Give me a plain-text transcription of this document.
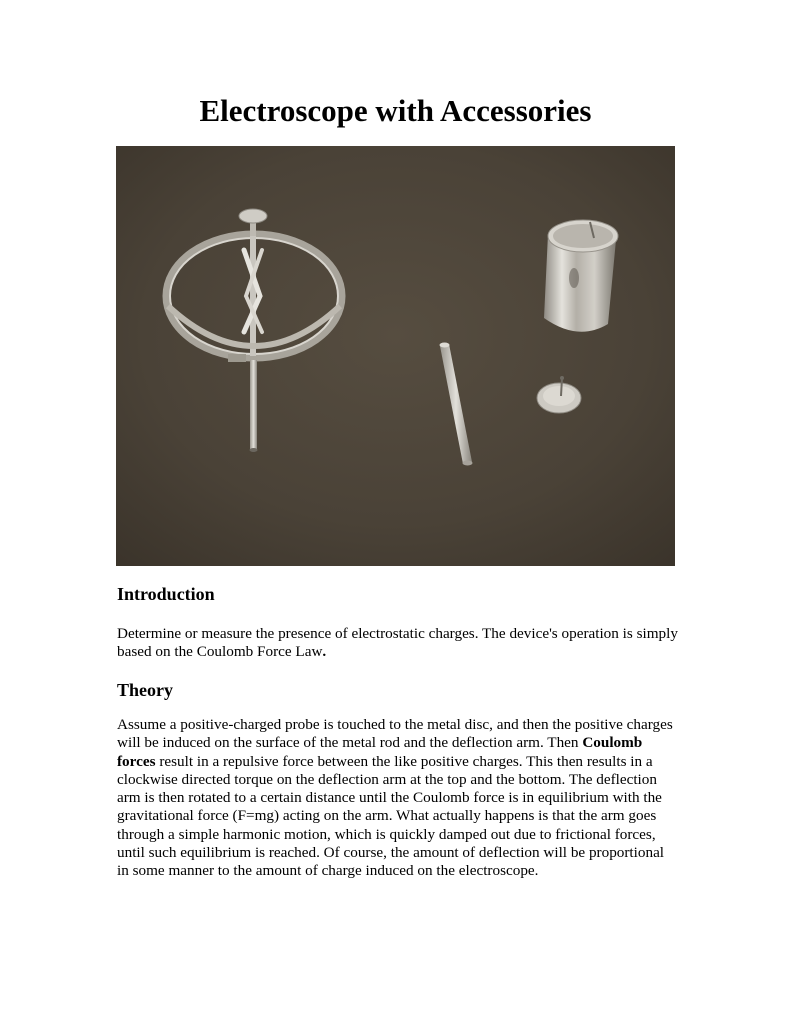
Electroscope with Accessories
Introduction

Determine or measure the presence of electrostatic charges. The device's operation is simply based on the Coulomb Force Law.

Theory

Assume a positive-charged probe is touched to the metal disc, and then the positive charges will be induced on the surface of the metal rod and the deflection arm. Then Coulomb forces result in a repulsive force between the like positive charges. This then results in a clockwise directed torque on the deflection arm at the top and the bottom. The deflection arm is then rotated to a certain distance until the Coulomb force is in equilibrium with the gravitational force (F=mg) acting on the arm. What actually happens is that the arm goes through a simple harmonic motion, which is quickly damped out due to frictional forces, until such equilibrium is reached. Of course, the amount of deflection will be proportional in some manner to the amount of charge induced on the electroscope.
